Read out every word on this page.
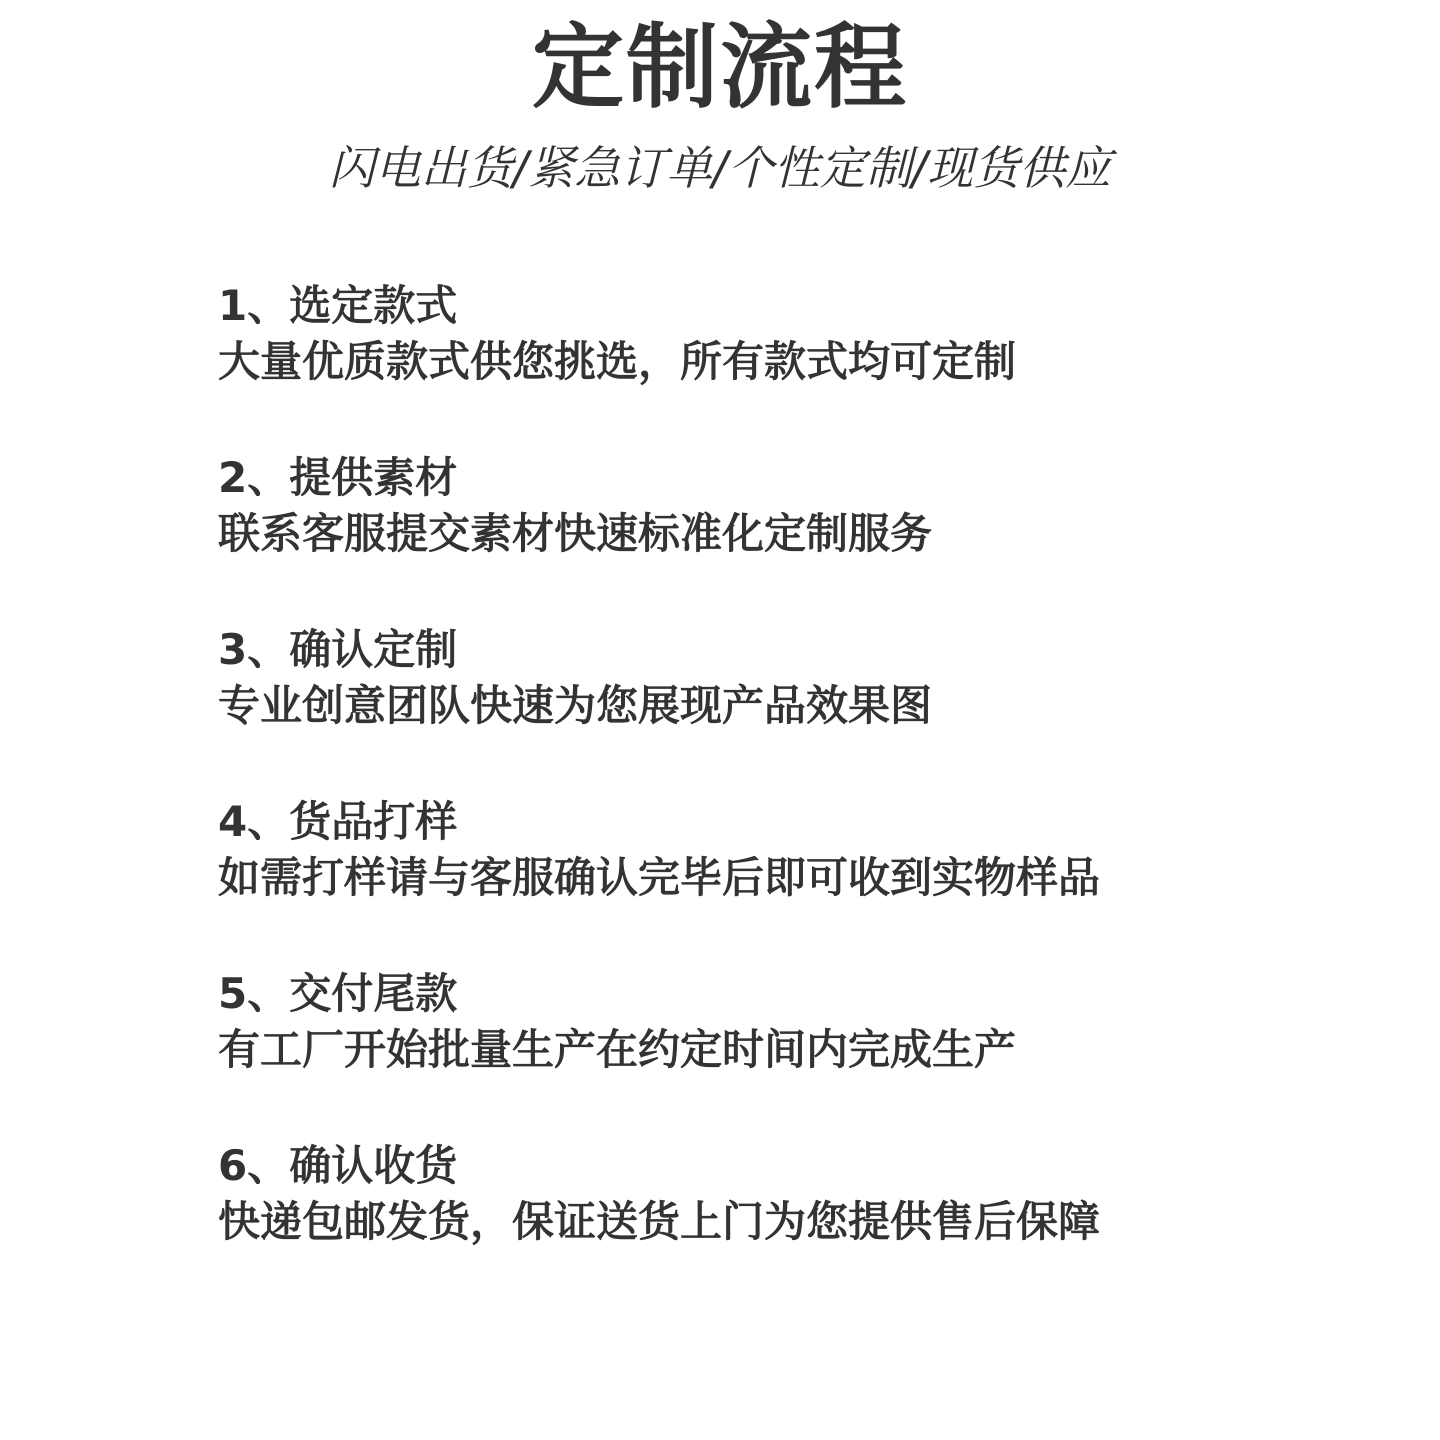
定制流程
闪电出货/紧急订单/个性定制/现货供应
1、选定款式
大量优质款式供您挑选，所有款式均可定制
2、提供素材
联系客服提交素材快速标准化定制服务
3、确认定制
专业创意团队快速为您展现产品效果图
4、货品打样
如需打样请与客服确认完毕后即可收到实物样品
5、交付尾款
有工厂开始批量生产在约定时间内完成生产
6、确认收货
快递包邮发货，保证送货上门为您提供售后保障
